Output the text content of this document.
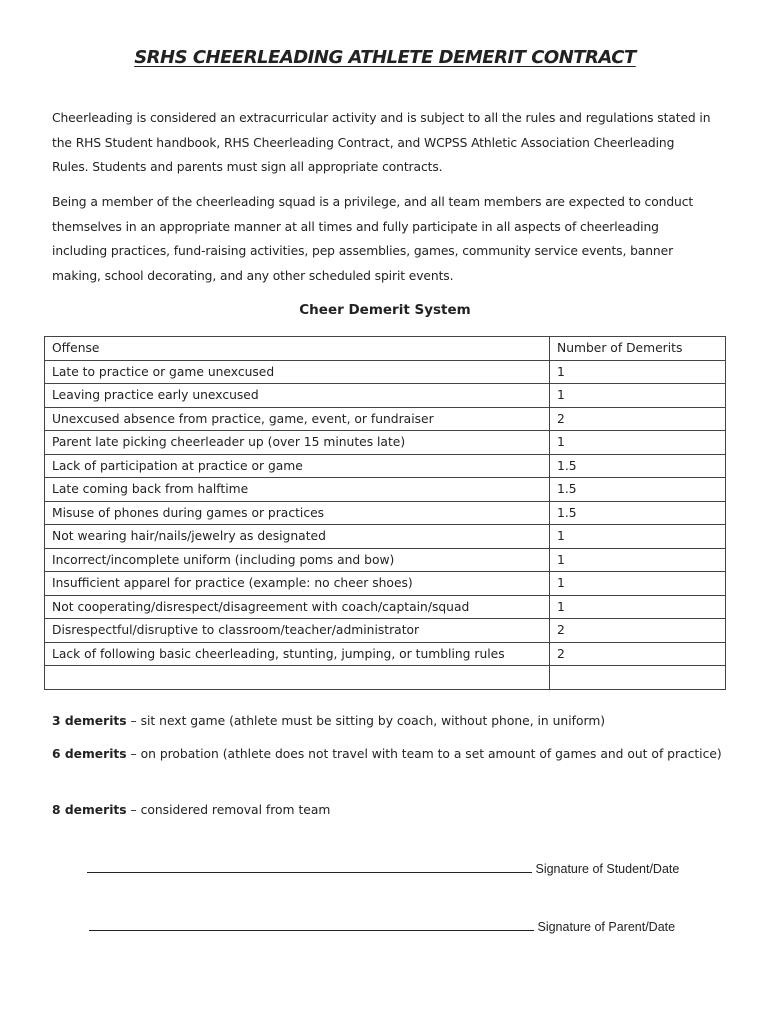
SRHS CHEERLEADING ATHLETE DEMERIT CONTRACT
Cheerleading is considered an extracurricular activity and is subject to all the rules and regulations stated in the RHS Student handbook, RHS Cheerleading Contract, and WCPSS Athletic Association Cheerleading Rules. Students and parents must sign all appropriate contracts.
Being a member of the cheerleading squad is a privilege, and all team members are expected to conduct themselves in an appropriate manner at all times and fully participate in all aspects of cheerleading including practices, fund-raising activities, pep assemblies, games, community service events, banner making, school decorating, and any other scheduled spirit events.
Cheer Demerit System
Offense	Number of Demerits
Late to practice or game unexcused	1
Leaving practice early unexcused	1
Unexcused absence from practice, game, event, or fundraiser	2
Parent late picking cheerleader up (over 15 minutes late)	1
Lack of participation at practice or game	1.5
Late coming back from halftime	1.5
Misuse of phones during games or practices	1.5
Not wearing hair/nails/jewelry as designated	1
Incorrect/incomplete uniform (including poms and bow)	1
Insufficient apparel for practice (example: no cheer shoes)	1
Not cooperating/disrespect/disagreement with coach/captain/squad	1
Disrespectful/disruptive to classroom/teacher/administrator	2
Lack of following basic cheerleading, stunting, jumping, or tumbling rules	2

3 demerits – sit next game (athlete must be sitting by coach, without phone, in uniform)
6 demerits – on probation (athlete does not travel with team to a set amount of games and out of practice)
8 demerits – considered removal from team
Signature of Student/Date
Signature of Parent/Date
